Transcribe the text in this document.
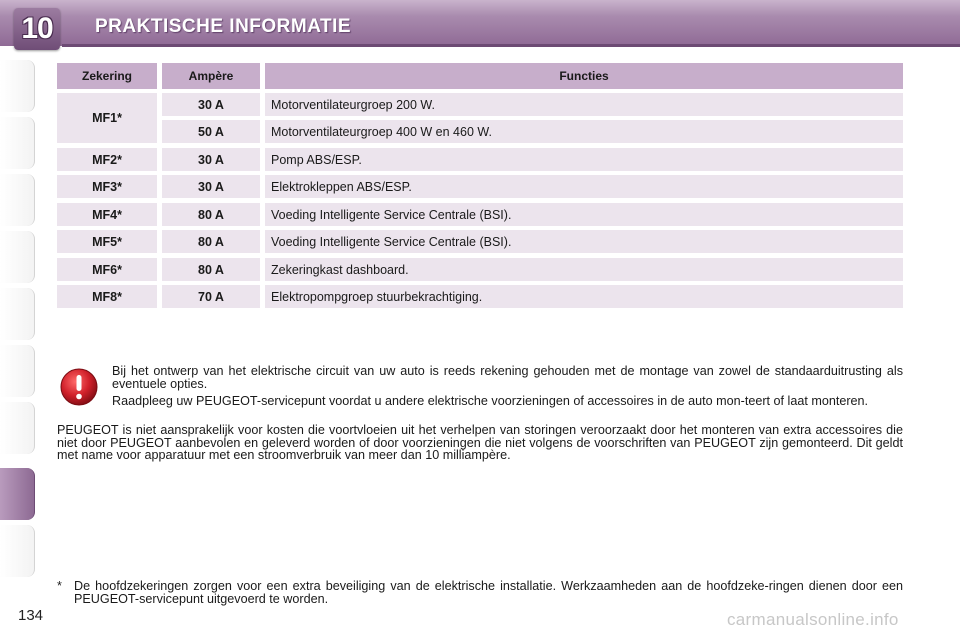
10 PRAKTISCHE INFORMATIE
Zekering	Ampère	Functies
MF1*
30 A	Motorventilateurgroep 200 W.
50 A	Motorventilateurgroep 400 W en 460 W.
MF2*	30 A	Pomp ABS/ESP.
MF3*	30 A	Elektrokleppen ABS/ESP.
MF4*	80 A	Voeding Intelligente Service Centrale (BSI).
MF5*	80 A	Voeding Intelligente Service Centrale (BSI).
MF6*	80 A	Zekeringkast dashboard.
MF8*	70 A	Elektropompgroep stuurbekrachtiging.

Bij het ontwerp van het elektrische circuit van uw auto is reeds rekening gehouden met de montage van zowel de standaarduitrusting als eventuele opties.

Raadpleeg uw PEUGEOT-servicepunt voordat u andere elektrische voorzieningen of accessoires in de auto mon-teert of laat monteren.

PEUGEOT is niet aansprakelijk voor kosten die voortvloeien uit het verhelpen van storingen veroorzaakt door het monteren van extra accessoires die niet door PEUGEOT aanbevolen en geleverd worden of door voorzieningen die niet volgens de voorschriften van PEUGEOT zijn gemonteerd. Dit geldt met name voor apparatuur met een stroomverbruik van meer dan 10 milliampère.

* De hoofdzekeringen zorgen voor een extra beveiliging van de elektrische installatie. Werkzaamheden aan de hoofdzeke-ringen dienen door een PEUGEOT-servicepunt uitgevoerd te worden.

134	carmanualsonline.info
